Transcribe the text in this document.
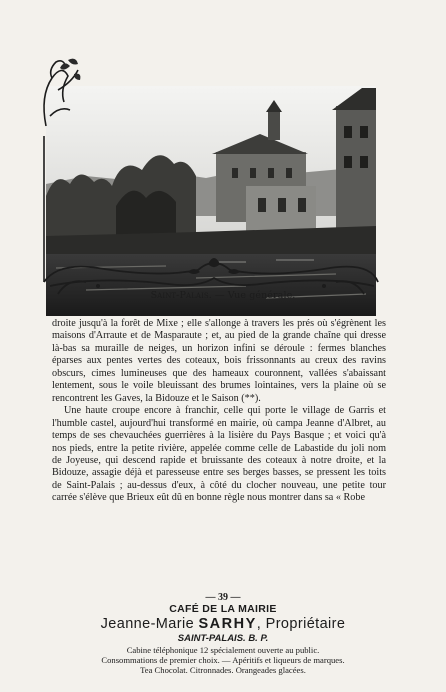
Saint-Palais. — Vue générale.

droite jusqu'à la forêt de Mixe ; elle s'allonge à travers les prés où s'égrènent les maisons d'Arraute et de Masparaute ; et, au pied de la grande chaîne qui dresse là-bas sa muraille de neiges, un horizon infini se déroule : fermes blanches éparses aux pentes vertes des coteaux, bois frissonnants au creux des ravins obscurs, cimes lumineuses que des hameaux couronnent, vallées s'abaissant lentement, sous le voile bleuissant des brumes lointaines, vers la plaine où se rencontrent les Gaves, la Bidouze et le Saison (**).

Une haute croupe encore à franchir, celle qui porte le village de Garris et l'humble castel, aujourd'hui transformé en mairie, où campa Jeanne d'Albret, au temps de ses chevauchées guerrières à la lisière du Pays Basque ; et voici qu'à nos pieds, entre la petite rivière, appelée comme celle de Labastide du joli nom de Joyeuse, qui descend rapide et bruissante des coteaux à notre droite, et la Bidouze, assagie déjà et paresseuse entre ses berges basses, se pressent les toits de Saint-Palais ; au-dessus d'eux, à côté du clocher nouveau, une petite tour carrée s'élève que Brieux eût dû en bonne règle nous montrer dans sa « Robe

— 39 —
CAFÉ DE LA MAIRIE
Jeanne-Marie SARHY, Propriétaire
SAINT-PALAIS. B. P.
Cabine téléphonique 12 spécialement ouverte au public.
Consommations de premier choix. — Apéritifs et liqueurs de marques.
Tea Chocolat. Citronnades. Orangeades glacées.
